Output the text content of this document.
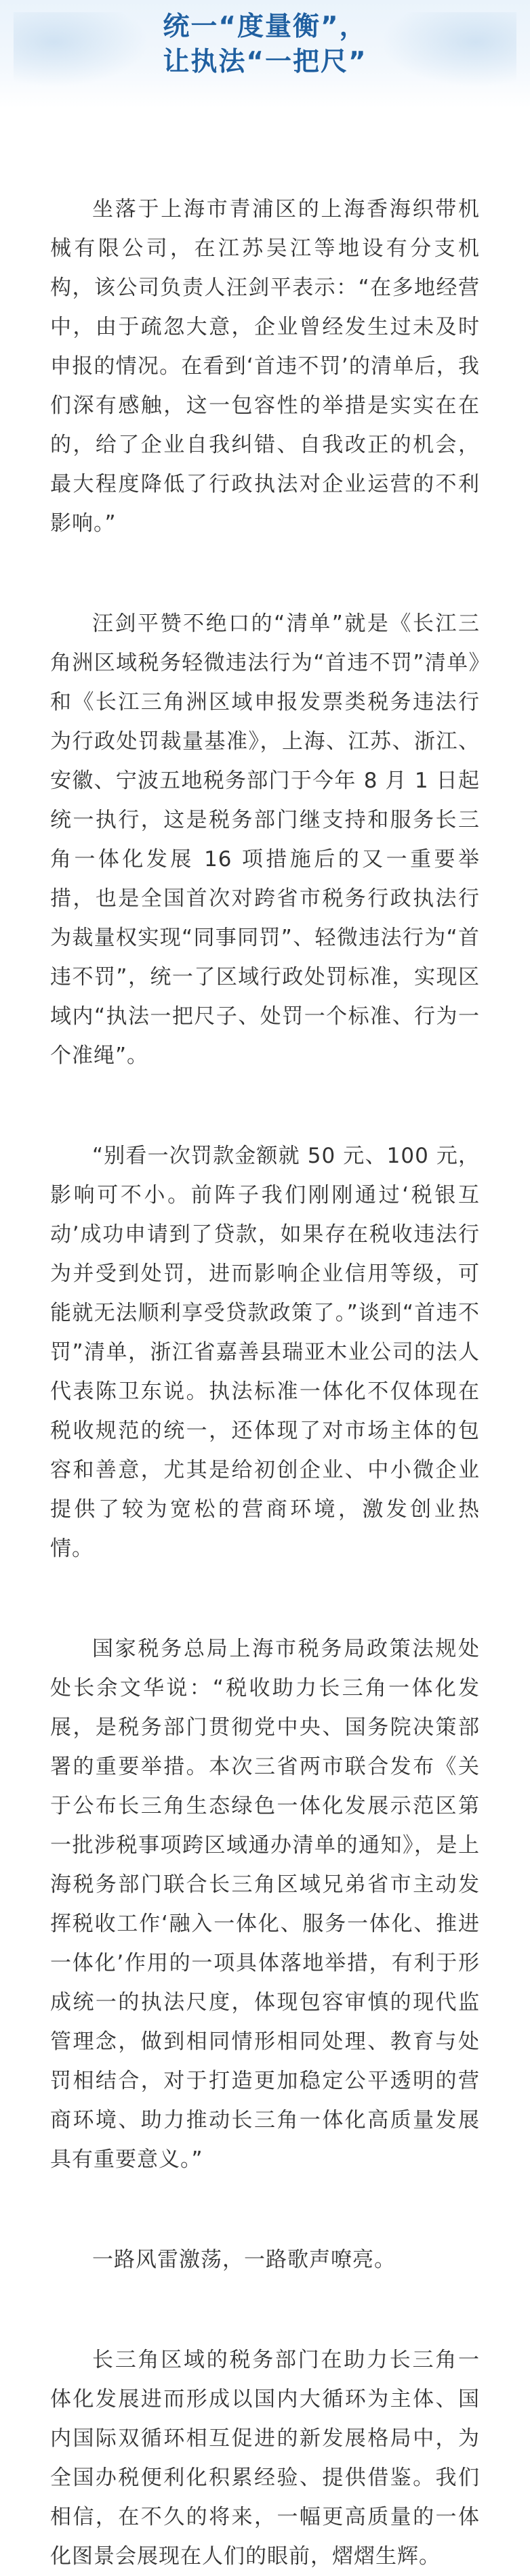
统一“度量衡”，
让执法“一把尺”

坐落于上海市青浦区的上海香海织带机械有限公司，在江苏吴江等地设有分支机构，该公司负责人汪剑平表示：“在多地经营中，由于疏忽大意，企业曾经发生过未及时申报的情况。在看到‘首违不罚’的清单后，我们深有感触，这一包容性的举措是实实在在的，给了企业自我纠错、自我改正的机会，最大程度降低了行政执法对企业运营的不利影响。”

汪剑平赞不绝口的“清单”就是《长江三角洲区域税务轻微违法行为“首违不罚”清单》和《长江三角洲区域申报发票类税务违法行为行政处罚裁量基准》，上海、江苏、浙江、安徽、宁波五地税务部门于今年 8 月 1 日起统一执行，这是税务部门继支持和服务长三角一体化发展 16 项措施后的又一重要举措，也是全国首次对跨省市税务行政执法行为裁量权实现“同事同罚”、轻微违法行为“首违不罚”，统一了区域行政处罚标准，实现区域内“执法一把尺子、处罚一个标准、行为一个准绳”。

“别看一次罚款金额就 50 元、100 元，影响可不小。前阵子我们刚刚通过‘税银互动’成功申请到了贷款，如果存在税收违法行为并受到处罚，进而影响企业信用等级，可能就无法顺利享受贷款政策了。”谈到“首违不罚”清单，浙江省嘉善县瑞亚木业公司的法人代表陈卫东说。执法标准一体化不仅体现在税收规范的统一，还体现了对市场主体的包容和善意，尤其是给初创企业、中小微企业提供了较为宽松的营商环境，激发创业热情。

国家税务总局上海市税务局政策法规处处长余文华说：“税收助力长三角一体化发展，是税务部门贯彻党中央、国务院决策部署的重要举措。本次三省两市联合发布《关于公布长三角生态绿色一体化发展示范区第一批涉税事项跨区域通办清单的通知》，是上海税务部门联合长三角区域兄弟省市主动发挥税收工作‘融入一体化、服务一体化、推进一体化’作用的一项具体落地举措，有利于形成统一的执法尺度，体现包容审慎的现代监管理念，做到相同情形相同处理、教育与处罚相结合，对于打造更加稳定公平透明的营商环境、助力推动长三角一体化高质量发展具有重要意义。”

一路风雷激荡，一路歌声嘹亮。

长三角区域的税务部门在助力长三角一体化发展进而形成以国内大循环为主体、国内国际双循环相互促进的新发展格局中，为全国办税便利化积累经验、提供借鉴。我们相信，在不久的将来，一幅更高质量的一体化图景会展现在人们的眼前，熠熠生辉。
